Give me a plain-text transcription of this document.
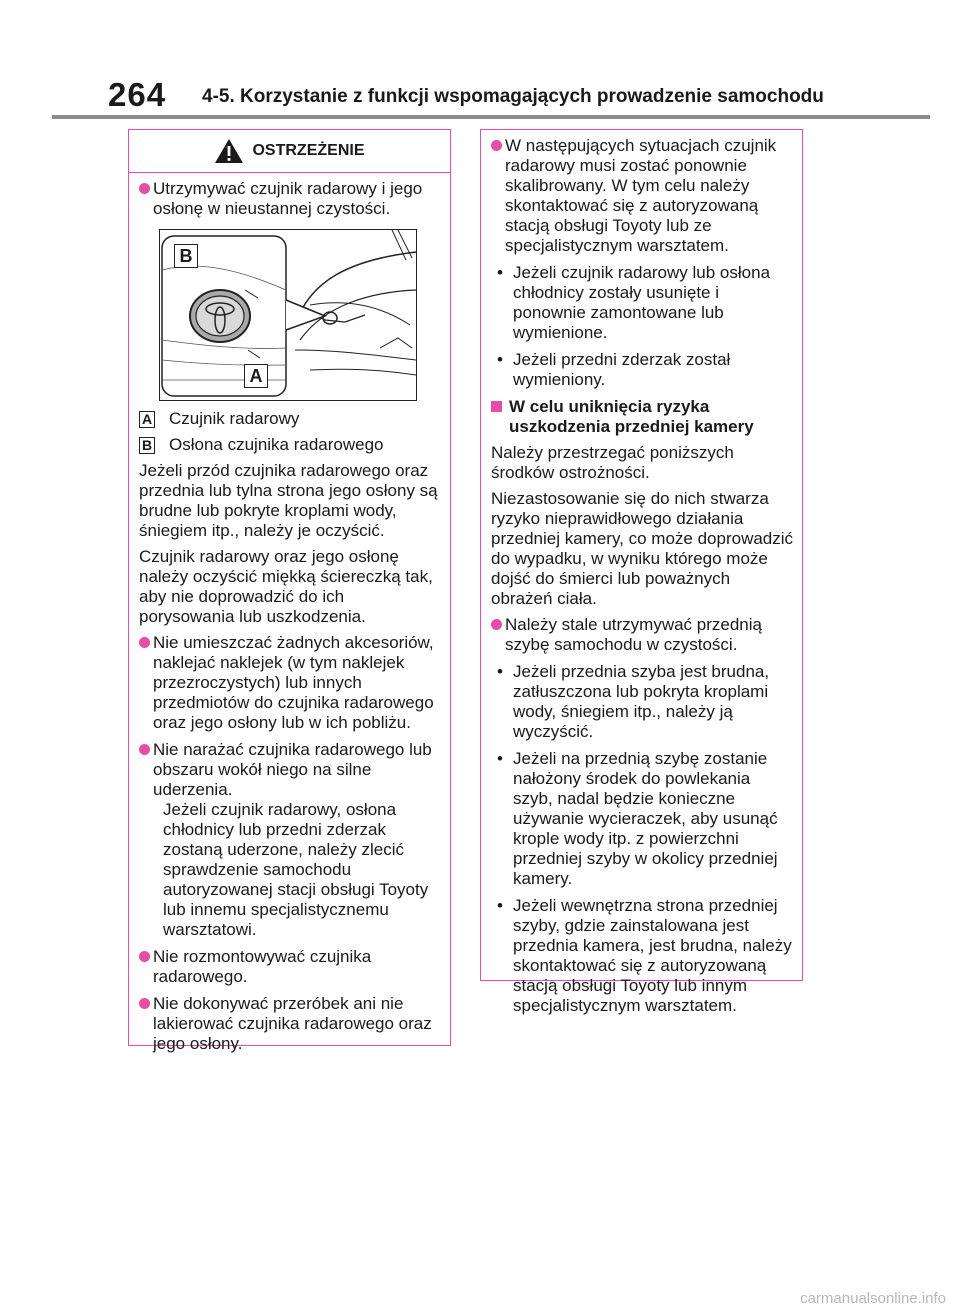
264 4-5. Korzystanie z funkcji wspomagających prowadzenie samochodu
OSTRZEŻENIE
Utrzymywać czujnik radarowy i jego osłonę w nieustannej czystości.
B
A
A Czujnik radarowy
B Osłona czujnika radarowego

Jeżeli przód czujnika radarowego oraz przednia lub tylna strona jego osłony są brudne lub pokryte kroplami wody, śniegiem itp., należy je oczyścić.

Czujnik radarowy oraz jego osłonę należy oczyścić miękką ściereczką tak, aby nie doprowadzić do ich porysowania lub uszkodzenia.

Nie umieszczać żadnych akcesoriów, naklejać naklejek (w tym naklejek przezroczystych) lub innych przedmiotów do czujnika radarowego oraz jego osłony lub w ich pobliżu.
Nie narażać czujnika radarowego lub obszaru wokół niego na silne uderzenia.
Jeżeli czujnik radarowy, osłona chłodnicy lub przedni zderzak zostaną uderzone, należy zlecić sprawdzenie samochodu autoryzowanej stacji obsługi Toyoty lub innemu specjalistycznemu warsztatowi.
Nie rozmontowywać czujnika radarowego.
Nie dokonywać przeróbek ani nie lakierować czujnika radarowego oraz jego osłony.
W następujących sytuacjach czujnik radarowy musi zostać ponownie skalibrowany. W tym celu należy skontaktować się z autoryzowaną stacją obsługi Toyoty lub ze specjalistycznym warsztatem.
• Jeżeli czujnik radarowy lub osłona chłodnicy zostały usunięte i ponownie zamontowane lub wymienione.
• Jeżeli przedni zderzak został wymieniony.
W celu uniknięcia ryzyka uszkodzenia przedniej kamery

Należy przestrzegać poniższych środków ostrożności.

Niezastosowanie się do nich stwarza ryzyko nieprawidłowego działania przedniej kamery, co może doprowadzić do wypadku, w wyniku którego może dojść do śmierci lub poważnych obrażeń ciała.

Należy stale utrzymywać przednią szybę samochodu w czystości.
• Jeżeli przednia szyba jest brudna, zatłuszczona lub pokryta kroplami wody, śniegiem itp., należy ją wyczyścić.
• Jeżeli na przednią szybę zostanie nałożony środek do powlekania szyb, nadal będzie konieczne używanie wycieraczek, aby usunąć krople wody itp. z powierzchni przedniej szyby w okolicy przedniej kamery.
• Jeżeli wewnętrzna strona przedniej szyby, gdzie zainstalowana jest przednia kamera, jest brudna, należy skontaktować się z autoryzowaną stacją obsługi Toyoty lub innym specjalistycznym warsztatem.
carmanualsonline.info
